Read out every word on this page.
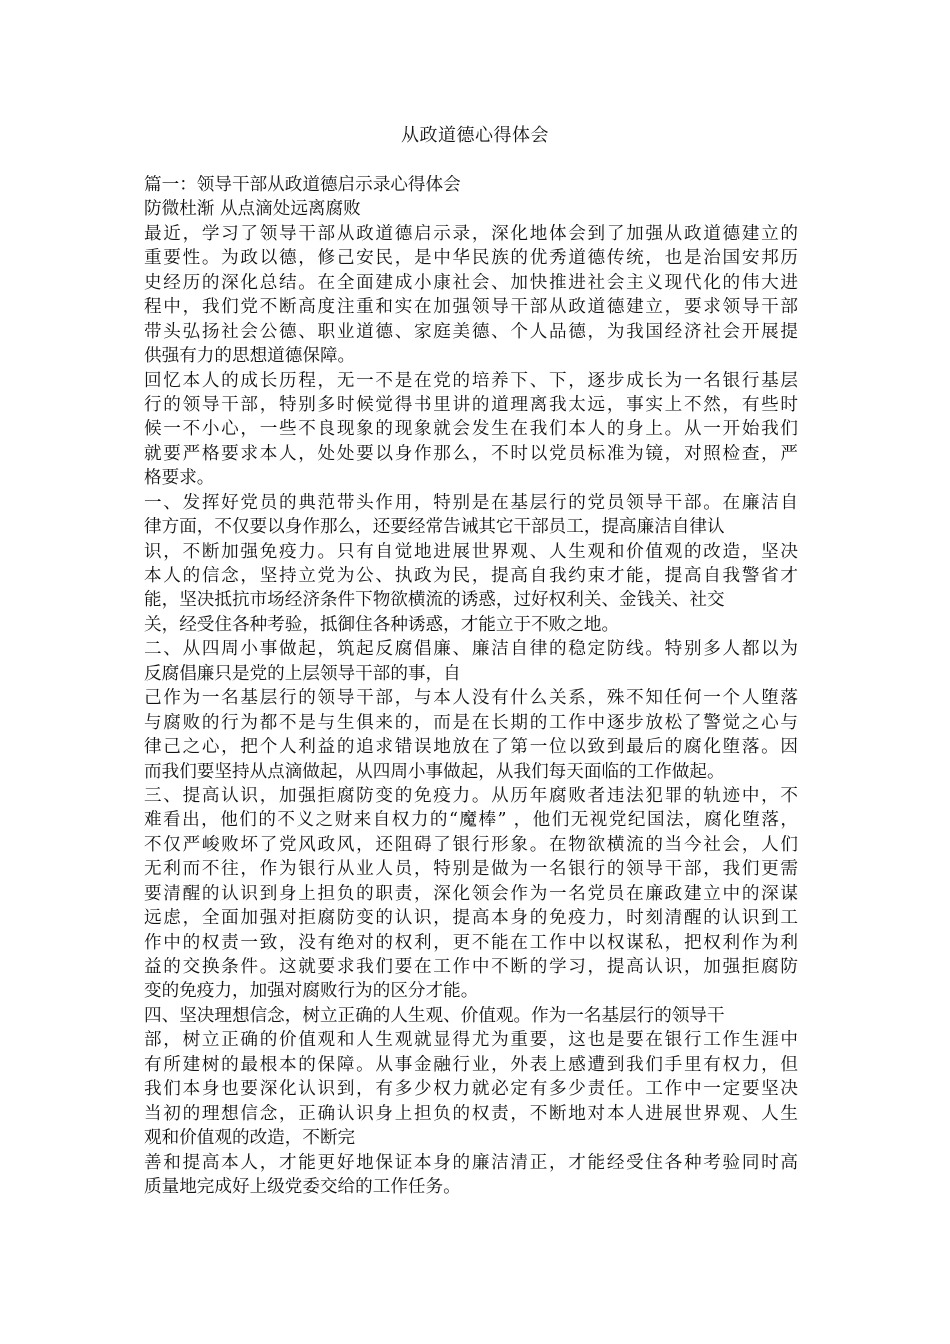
从政道德心得体会
篇一：领导干部从政道德启示录心得体会
防微杜渐 从点滴处远离腐败
最近，学习了领导干部从政道德启示录，深化地体会到了加强从政道德建立的
重要性。为政以德，修己安民，是中华民族的优秀道德传统，也是治国安邦历
史经历的深化总结。在全面建成小康社会、加快推进社会主义现代化的伟大进
程中，我们党不断高度注重和实在加强领导干部从政道德建立，要求领导干部
带头弘扬社会公德、职业道德、家庭美德、个人品德，为我国经济社会开展提
供强有力的思想道德保障。
回忆本人的成长历程，无一不是在党的培养下、下，逐步成长为一名银行基层
行的领导干部，特别多时候觉得书里讲的道理离我太远，事实上不然，有些时
候一不小心，一些不良现象的现象就会发生在我们本人的身上。从一开始我们
就要严格要求本人，处处要以身作那么，不时以党员标准为镜，对照检查，严
格要求。
一、发挥好党员的典范带头作用，特别是在基层行的党员领导干部。在廉洁自
律方面，不仅要以身作那么，还要经常告诫其它干部员工，提高廉洁自律认
识，不断加强免疫力。只有自觉地进展世界观、人生观和价值观的改造，坚决
本人的信念，坚持立党为公、执政为民，提高自我约束才能，提高自我警省才
能，坚决抵抗市场经济条件下物欲横流的诱惑，过好权利关、金钱关、社交
关，经受住各种考验，抵御住各种诱惑，才能立于不败之地。
二、从四周小事做起，筑起反腐倡廉、廉洁自律的稳定防线。特别多人都以为
反腐倡廉只是党的上层领导干部的事，自
己作为一名基层行的领导干部，与本人没有什么关系，殊不知任何一个人堕落
与腐败的行为都不是与生俱来的，而是在长期的工作中逐步放松了警觉之心与
律己之心，把个人利益的追求错误地放在了第一位以致到最后的腐化堕落。因
而我们要坚持从点滴做起，从四周小事做起，从我们每天面临的工作做起。
三、提高认识，加强拒腐防变的免疫力。从历年腐败者违法犯罪的轨迹中，不
难看出，他们的不义之财来自权力的“魔棒” ，他们无视党纪国法，腐化堕落，
不仅严峻败坏了党风政风，还阻碍了银行形象。在物欲横流的当今社会，人们
无利而不往，作为银行从业人员，特别是做为一名银行的领导干部，我们更需
要清醒的认识到身上担负的职责，深化领会作为一名党员在廉政建立中的深谋
远虑，全面加强对拒腐防变的认识，提高本身的免疫力，时刻清醒的认识到工
作中的权责一致，没有绝对的权利，更不能在工作中以权谋私，把权利作为利
益的交换条件。这就要求我们要在工作中不断的学习，提高认识，加强拒腐防
变的免疫力，加强对腐败行为的区分才能。
四、坚决理想信念，树立正确的人生观、价值观。作为一名基层行的领导干
部，树立正确的价值观和人生观就显得尤为重要，这也是要在银行工作生涯中
有所建树的最根本的保障。从事金融行业，外表上感遭到我们手里有权力，但
我们本身也要深化认识到，有多少权力就必定有多少责任。工作中一定要坚决
当初的理想信念，正确认识身上担负的权责，不断地对本人进展世界观、人生
观和价值观的改造，不断完
善和提高本人，才能更好地保证本身的廉洁清正，才能经受住各种考验同时高
质量地完成好上级党委交给的工作任务。
